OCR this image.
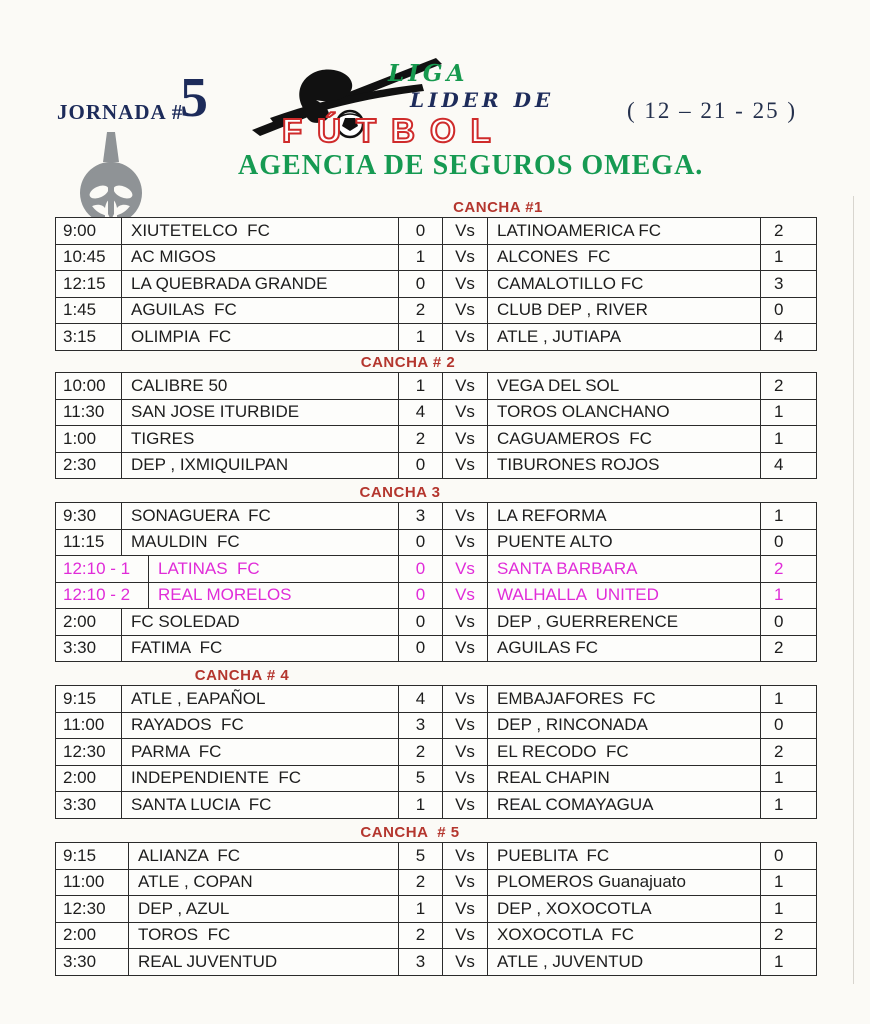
JORNADA #
5	LIGA
LIDER DE
FÚTBOL
( 12 – 21 - 25 )
AGENCIA DE SEGUROS OMEGA.
CANCHA #1
9:00	XIUTETELCO  FC	0	Vs	LATINOAMERICA FC	2
10:45	AC MIGOS	1	Vs	ALCONES  FC	1
12:15	LA QUEBRADA GRANDE	0	Vs	CAMALOTILLO FC	3
1:45	AGUILAS  FC	2	Vs	CLUB DEP , RIVER	0
3:15	OLIMPIA  FC	1	Vs	ATLE , JUTIAPA	4
CANCHA # 2
10:00	CALIBRE 50	1	Vs	VEGA DEL SOL	2
11:30	SAN JOSE ITURBIDE	4	Vs	TOROS OLANCHANO	1
1:00	TIGRES	2	Vs	CAGUAMEROS  FC	1
2:30	DEP , IXMIQUILPAN	0	Vs	TIBURONES ROJOS	4
CANCHA 3
9:30	SONAGUERA  FC	3	Vs	LA REFORMA	1
11:15	MAULDIN  FC	0	Vs	PUENTE ALTO	0
12:10 - 1	LATINAS  FC	0	Vs	SANTA BARBARA	2
12:10 - 2	REAL MORELOS	0	Vs	WALHALLA  UNITED	1
2:00	FC SOLEDAD	0	Vs	DEP , GUERRERENCE	0
3:30	FATIMA  FC	0	Vs	AGUILAS FC	2
CANCHA # 4
9:15	ATLE , EAPAÑOL	4	Vs	EMBAJAFORES  FC	1
11:00	RAYADOS  FC	3	Vs	DEP , RINCONADA	0
12:30	PARMA  FC	2	Vs	EL RECODO  FC	2
2:00	INDEPENDIENTE  FC	5	Vs	REAL CHAPIN	1
3:30	SANTA LUCIA  FC	1	Vs	REAL COMAYAGUA	1
CANCHA  # 5
9:15	ALIANZA  FC	5	Vs	PUEBLITA  FC	0
11:00	ATLE , COPAN	2	Vs	PLOMEROS Guanajuato	1
12:30	DEP , AZUL	1	Vs	DEP , XOXOCOTLA	1
2:00	TOROS  FC	2	Vs	XOXOCOTLA  FC	2
3:30	REAL JUVENTUD	3	Vs	ATLE , JUVENTUD	1
